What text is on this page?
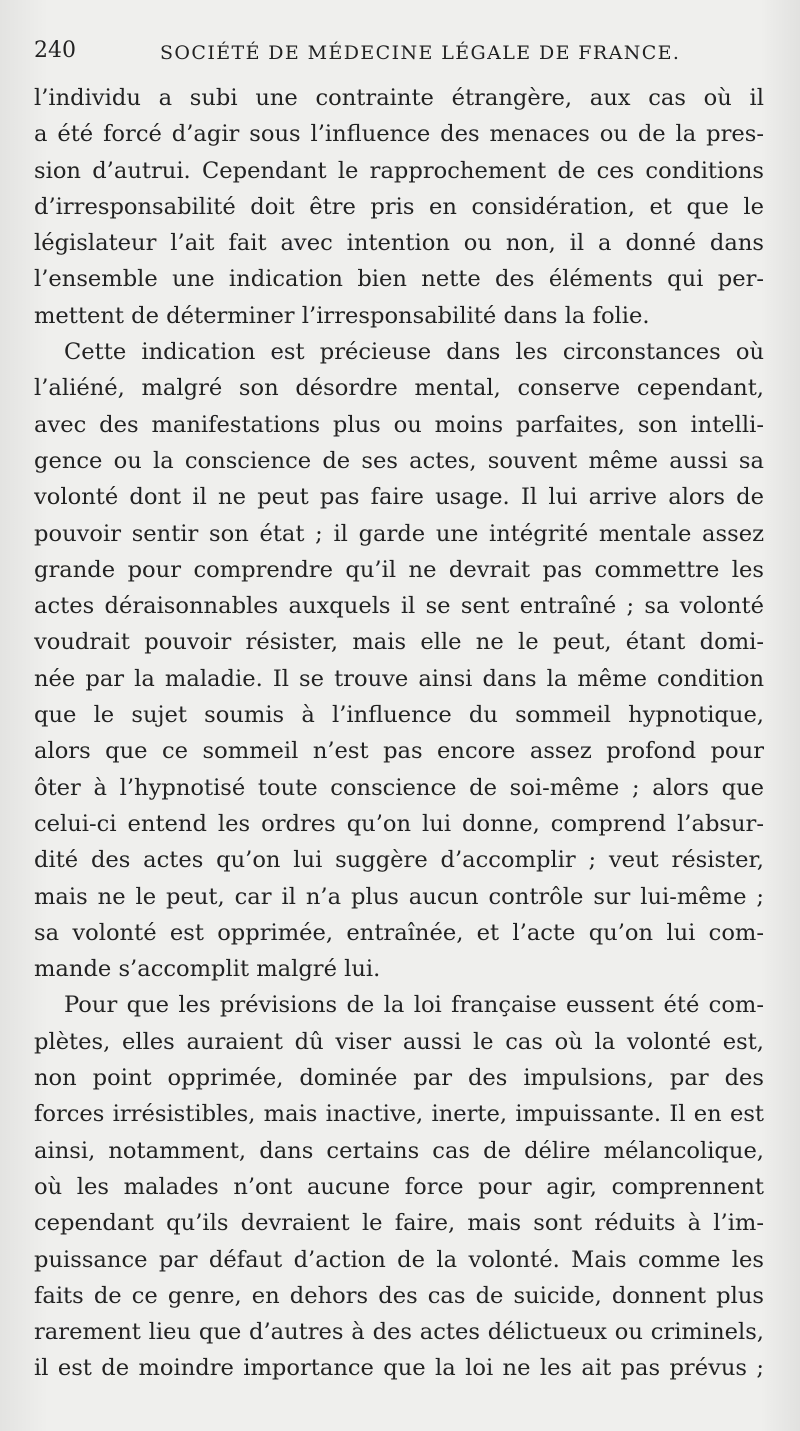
240	SOCIÉTÉ DE MÉDECINE LÉGALE DE FRANCE.
l’individu a subi une contrainte étrangère, aux cas où il
a été forcé d’agir sous l’influence des menaces ou de la pres-
sion d’autrui. Cependant le rapprochement de ces conditions
d’irresponsabilité doit être pris en considération, et que le
législateur l’ait fait avec intention ou non, il a donné dans
l’ensemble une indication bien nette des éléments qui per-
mettent de déterminer l’irresponsabilité dans la folie.
Cette indication est précieuse dans les circonstances où
l’aliéné, malgré son désordre mental, conserve cependant,
avec des manifestations plus ou moins parfaites, son intelli-
gence ou la conscience de ses actes, souvent même aussi sa
volonté dont il ne peut pas faire usage. Il lui arrive alors de
pouvoir sentir son état ; il garde une intégrité mentale assez
grande pour comprendre qu’il ne devrait pas commettre les
actes déraisonnables auxquels il se sent entraîné ; sa volonté
voudrait pouvoir résister, mais elle ne le peut, étant domi-
née par la maladie. Il se trouve ainsi dans la même condition
que le sujet soumis à l’influence du sommeil hypnotique,
alors que ce sommeil n’est pas encore assez profond pour
ôter à l’hypnotisé toute conscience de soi-même ; alors que
celui-ci entend les ordres qu’on lui donne, comprend l’absur-
dité des actes qu’on lui suggère d’accomplir ; veut résister,
mais ne le peut, car il n’a plus aucun contrôle sur lui-même ;
sa volonté est opprimée, entraînée, et l’acte qu’on lui com-
mande s’accomplit malgré lui.
Pour que les prévisions de la loi française eussent été com-
plètes, elles auraient dû viser aussi le cas où la volonté est,
non point opprimée, dominée par des impulsions, par des
forces irrésistibles, mais inactive, inerte, impuissante. Il en est
ainsi, notamment, dans certains cas de délire mélancolique,
où les malades n’ont aucune force pour agir, comprennent
cependant qu’ils devraient le faire, mais sont réduits à l’im-
puissance par défaut d’action de la volonté. Mais comme les
faits de ce genre, en dehors des cas de suicide, donnent plus
rarement lieu que d’autres à des actes délictueux ou criminels,
il est de moindre importance que la loi ne les ait pas prévus ;
